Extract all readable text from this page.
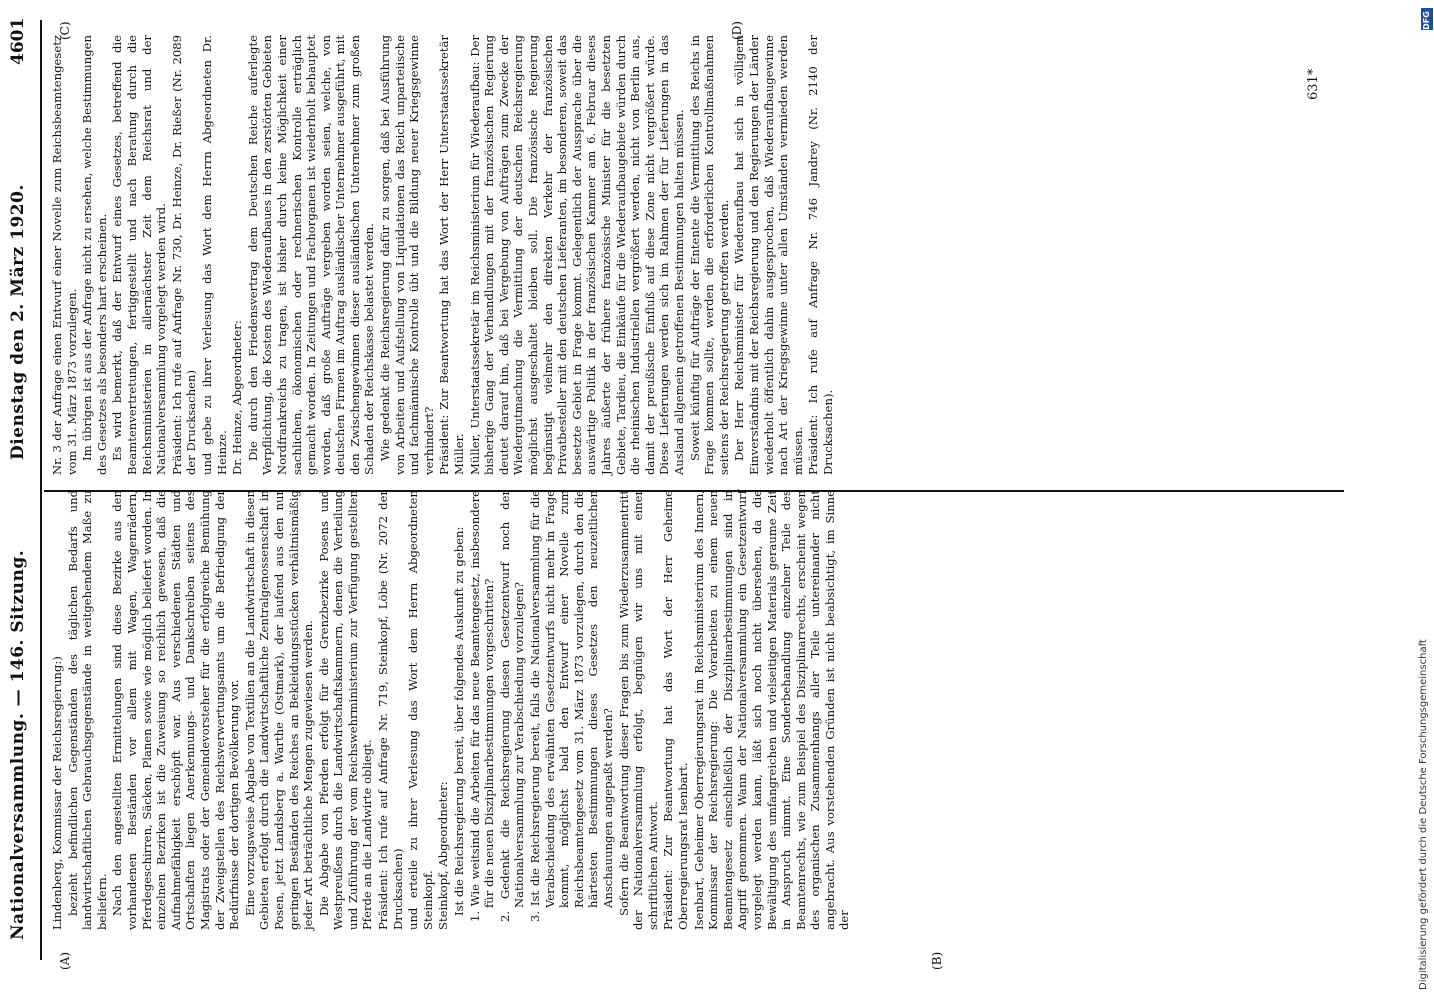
Nationalversammlung. — 146. Sitzung.
Dienstag den 2. März 1920.
4601
(A)	(B)
(C)	(D)

Lindenberg, Kommissar der Reichsregierung:) bezieht befindlichen Gegenständen des täglichen Bedarfs und landwirtschaftlichen Gebrauchsgegenstände in weitgehendem Maße zu beliefern. Nach den angestellten Ermittelungen sind diese Bezirke aus den vorhandenen Beständen vor allem mit Wagen, Wagenrädern, Pferdegeschirren, Säcken, Planen sowie wie möglich beliefert worden. In einzelnen Bezirken ist die Zuweisung so reichlich gewesen, daß die Aufnahmefähigkeit erschöpft war. Aus verschiedenen Städten und Ortschaften liegen Anerkennungs- und Dankschreiben seitens des Magistrats oder der Gemeindevorsteher für die erfolgreiche Bemühung der Zweigstellen des Reichsverwertungsamts um die Befriedigung der Bedürfnisse der dortigen Bevölkerung vor. Eine vorzugsweise Abgabe von Textilien an die Landwirtschaft in diesen Gebieten erfolgt durch die Landwirtschaftliche Zentralgenossenschaft in Posen, jetzt Landsberg a. Warthe (Ostmark), der laufend aus den nur geringen Beständen des Reiches an Bekleidungsstücken verhältnismäßig jeder Art beträchtliche Mengen zugewiesen werden. Die Abgabe von Pferden erfolgt für die Grenzbezirke Posens und Westpreußens durch die Landwirtschaftskammern, denen die Verteilung und Zuführung der vom Reichswehrministerium zur Verfügung gestellten Pferde an die Landwirte obliegt. Präsident: Ich rufe auf Anfrage Nr. 719, Steinkopf, Löbe (Nr. 2072 der Drucksachen) und erteile zu ihrer Verlesung das Wort dem Herrn Abgeordneten Steinkopf. Steinkopf, Abgeordneter: Ist die Reichsregierung bereit, über folgendes Auskunft zu geben: 1. Wie weitsind die Arbeiten für das neue Beamtengesetz, insbesondere für die neuen Disziplinarbestimmungen vorgeschritten? 2. Gedenkt die Reichsregierung diesen Gesetzentwurf noch der Nationalversammlung zur Verabschiedung vorzulegen? 3. Ist die Reichsregierung bereit, falls die Nationalversammlung für die Verabschiedung des erwähnten Gesetzentwurfs nicht mehr in Frage kommt, möglichst bald den Entwurf einer Novelle zum Reichsbeamtengesetz vom 31. März 1873 vorzulegen, durch den die härtesten Bestimmungen dieses Gesetzes den neuzeitlichen Anschauungen angepaßt werden? Sofern die Beantwortung dieser Fragen bis zum Wiederzusammentritt der Nationalversammlung erfolgt, begnügen wir uns mit einer schriftlichen Antwort. Präsident: Zur Beantwortung hat das Wort der Herr Geheime Oberregierungsrat Isenbart. Isenbart, Geheimer Oberregierungsrat im Reichsministerium des Innern, Kommissar der Reichsregierung: Die Vorarbeiten zu einem neuen Beamtengesetz einschließlich der Disziplinarbestimmungen sind in Angriff genommen. Wann der Nationalversammlung ein Gesetzentwurf vorgelegt werden kann, läßt sich noch nicht übersehen, da die Bewältigung des umfangreichen und vielseitigen Materials geraume Zeit in Anspruch nimmt. Eine Sonderbehandlung einzelner Teile des Beamtenrechts, wie zum Beispiel des Disziplinarrechts, erscheint wegen des organischen Zusammenhangs aller Teile untereinander nicht angebracht. Aus vorstehenden Gründen ist nicht beabsichtigt, im Sinne der

Nr. 3 der Anfrage einen Entwurf einer Novelle zum Reichsbeamtengesetz vom 31. März 1873 vorzulegen. Im übrigen ist aus der Anfrage nicht zu ersehen, welche Bestimmungen des Gesetzes als besonders hart erscheinen. Es wird bemerkt, daß der Entwurf eines Gesetzes, betreffend die Beamtenvertretungen, fertiggestellt und nach Beratung durch die Reichsministerien in allernächster Zeit dem Reichsrat und der Nationalversammlung vorgelegt werden wird. Präsident: Ich rufe auf Anfrage Nr. 730, Dr. Heinze, Dr. Rießer (Nr. 2089 der Drucksachen) und gebe zu ihrer Verlesung das Wort dem Herrn Abgeordneten Dr. Heinze. Dr. Heinze, Abgeordneter: Die durch den Friedensvertrag dem Deutschen Reiche auferlegte Verpflichtung, die Kosten des Wiederaufbaues in den zerstörten Gebieten Nordfrankreichs zu tragen, ist bisher durch keine Möglichkeit einer sachlichen, ökonomischen oder rechnerischen Kontrolle erträglich gemacht worden. In Zeitungen und Fachorganen ist wiederholt behauptet worden, daß große Aufträge vergeben worden seien, welche, von deutschen Firmen im Auftrag ausländischer Unternehmer ausgeführt, mit den Zwischengewinnen dieser ausländischen Unternehmer zum großen Schaden der Reichskasse belastet werden. Wie gedenkt die Reichsregierung dafür zu sorgen, daß bei Ausführung von Arbeiten und Aufstellung von Liquidationen das Reich unparteiische und fachmännische Kontrolle übt und die Bildung neuer Kriegsgewinne verhindert? Präsident: Zur Beantwortung hat das Wort der Herr Unterstaatssekretär Müller. Müller, Unterstaatssekretär im Reichsministerium für Wiederaufbau: Der bisherige Gang der Verhandlungen mit der französischen Regierung deutet darauf hin, daß bei Vergebung von Aufträgen zum Zwecke der Wiedergutmachung die Vermittlung der deutschen Reichsregierung möglichst ausgeschaltet bleiben soll. Die französische Regierung begünstigt vielmehr den direkten Verkehr der französischen Privatbesteller mit den deutschen Lieferanten, im besonderen, soweit das besetzte Gebiet in Frage kommt. Gelegentlich der Aussprache über die auswärtige Politik in der französischen Kammer am 6. Februar dieses Jahres äußerte der frühere französische Minister für die besetzten Gebiete, Tardieu, die Einkäufe für die Wiederaufbaugebiete würden durch die rheinischen Industriellen vergrößert werden, nicht von Berlin aus, damit der preußische Einfluß auf diese Zone nicht vergrößert würde. Diese Lieferungen werden sich im Rahmen der für Lieferungen in das Ausland allgemein getroffenen Bestimmungen halten müssen. Soweit künftig für Aufträge der Entente die Vermittlung des Reichs in Frage kommen sollte, werden die erforderlichen Kontrollmaßnahmen seitens der Reichsregierung getroffen werden. Der Herr Reichsminister für Wiederaufbau hat sich in völligem Einverständnis mit der Reichsregierung und den Regierungen der Länder wiederholt öffentlich dahin ausgesprochen, daß Wiederaufbaugewinne nach Art der Kriegsgewinne unter allen Umständen vermieden werden müssen. Präsident: Ich rufe auf Anfrage Nr. 746 Jandrey (Nr. 2140 der Drucksachen).

631*
Digitalisierung gefördert durch die Deutsche Forschungsgemeinschaft
DFG
